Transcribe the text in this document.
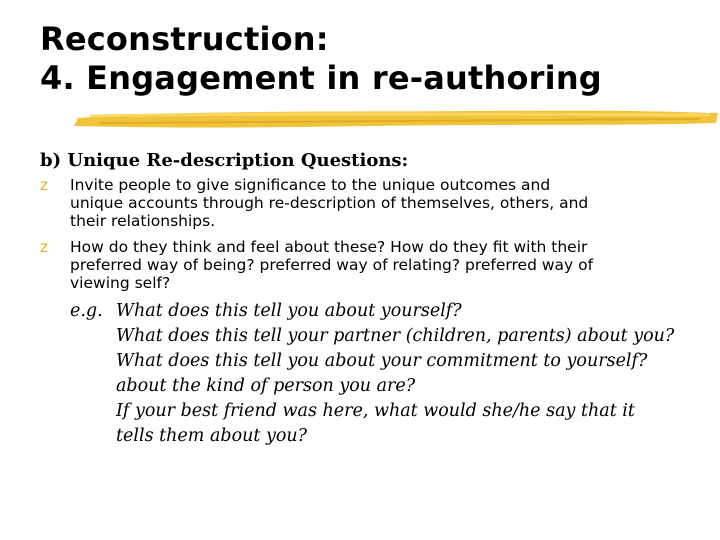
Reconstruction:
4. Engagement in re-authoring
b) Unique Re-description Questions:
z Invite people to give significance to the unique outcomes and
unique accounts through re-description of themselves, others, and
their relationships.
z How do they think and feel about these? How do they fit with their
preferred way of being? preferred way of relating? preferred way of
viewing self?
e.g. What does this tell you about yourself?
What does this tell your partner (children, parents) about you?
What does this tell you about your commitment to yourself?
about the kind of person you are?
If your best friend was here, what would she/he say that it
tells them about you?
